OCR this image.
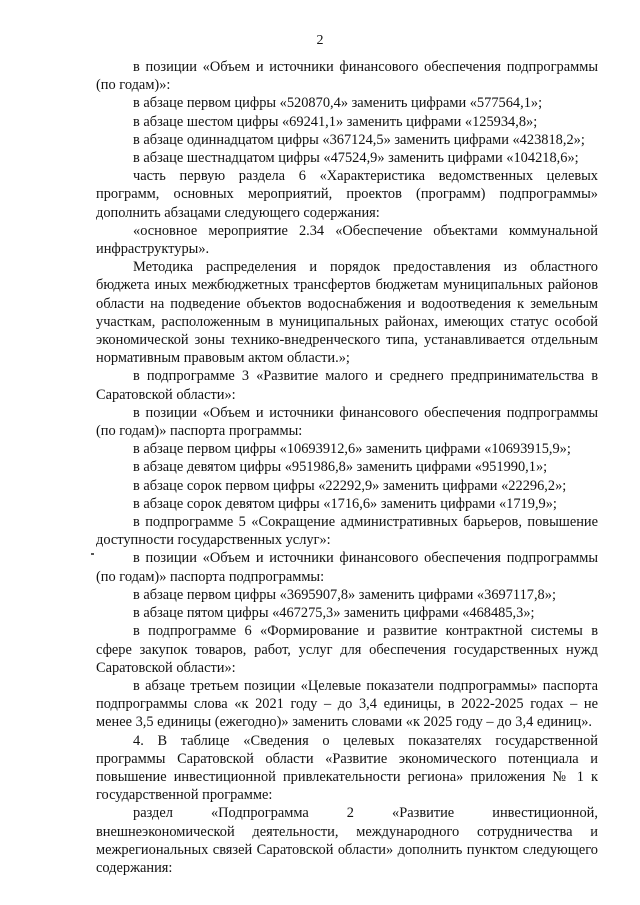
2

в позиции «Объем и источники финансового обеспечения подпрограммы (по годам)»:

в абзаце первом цифры «520870,4» заменить цифрами «577564,1»;

в абзаце шестом цифры «69241,1» заменить цифрами «125934,8»;

в абзаце одиннадцатом цифры «367124,5» заменить цифрами «423818,2»;

в абзаце шестнадцатом цифры «47524,9» заменить цифрами «104218,6»;

часть первую раздела 6 «Характеристика ведомственных целевых программ, основных мероприятий, проектов (программ) подпрограммы» дополнить абзацами следующего содержания:

«основное мероприятие 2.34 «Обеспечение объектами коммунальной инфраструктуры».

Методика распределения и порядок предоставления из областного бюджета иных межбюджетных трансфертов бюджетам муниципальных районов области на подведение объектов водоснабжения и водоотведения к земельным участкам, расположенным в муниципальных районах, имеющих статус особой экономической зоны технико-внедренческого типа, устанавливается отдельным нормативным правовым актом области.»;

в подпрограмме 3 «Развитие малого и среднего предпринимательства в Саратовской области»:

в позиции «Объем и источники финансового обеспечения подпрограммы (по годам)» паспорта программы:

в абзаце первом цифры «10693912,6» заменить цифрами «10693915,9»;

в абзаце девятом цифры «951986,8» заменить цифрами «951990,1»;

в абзаце сорок первом цифры «22292,9» заменить цифрами «22296,2»;

в абзаце сорок девятом цифры «1716,6» заменить цифрами «1719,9»;

в подпрограмме 5 «Сокращение административных барьеров, повышение доступности государственных услуг»:

в позиции «Объем и источники финансового обеспечения подпрограммы (по годам)» паспорта подпрограммы:

в абзаце первом цифры «3695907,8» заменить цифрами «3697117,8»;

в абзаце пятом цифры «467275,3» заменить цифрами «468485,3»;

в подпрограмме 6 «Формирование и развитие контрактной системы в сфере закупок товаров, работ, услуг для обеспечения государственных нужд Саратовской области»:

в абзаце третьем позиции «Целевые показатели подпрограммы» паспорта подпрограммы слова «к 2021 году – до 3,4 единицы, в 2022-2025 годах – не менее 3,5 единицы (ежегодно)» заменить словами «к 2025 году – до 3,4 единиц».

4. В таблице «Сведения о целевых показателях государственной программы Саратовской области «Развитие экономического потенциала и повышение инвестиционной привлекательности региона» приложения № 1 к государственной программе:

раздел «Подпрограмма 2 «Развитие инвестиционной, внешнеэкономической деятельности, международного сотрудничества и межрегиональных связей Саратовской области» дополнить пунктом следующего содержания:
